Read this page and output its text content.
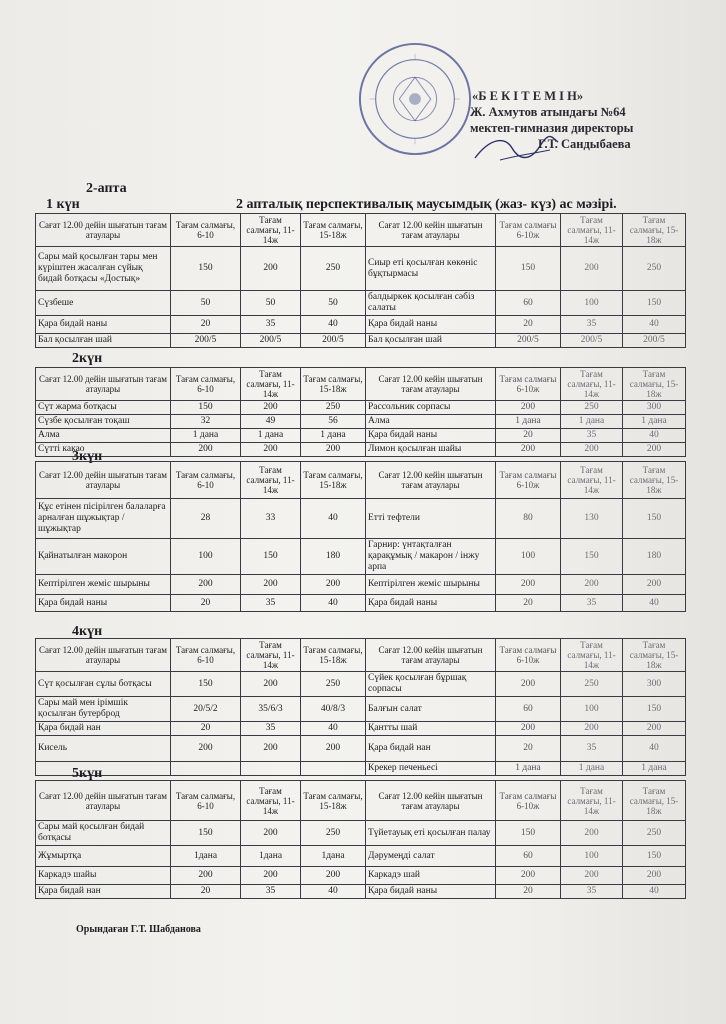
«Б Е К І Т Е М І Н»
Ж. Ахмутов атындағы №64
мектеп-гимназия директоры
Г.Т. Сандыбаева
2-апта
2 апталық перспективалық маусымдық (жаз- күз) ас мәзірі.
1 күн
Сағат 12.00 дейін шығатын тағам атаулары	Тағам салмағы, 6-10	Тағам салмағы, 11-14ж	Тағам салмағы, 15-18ж	Сағат 12.00 кейін шығатын тағам атаулары	Тағам салмағы 6-10ж	Тағам салмағы, 11-14ж	Тағам салмағы, 15-18ж
Сары май қосылған тары мен күріштен жасалған сүйық бидай ботқасы «Достық»	150	200	250	Сиыр еті қосылған көкөніс бұқтырмасы	150	200	250
Сүзбеше	50	50	50	балдыркөк қосылған сәбіз салаты	60	100	150
Қара бидай наны	20	35	40	Қара бидай наны	20	35	40
Бал қосылған шай	200/5	200/5	200/5	Бал қосылған шай	200/5	200/5	200/5
2күн
Сағат 12.00 дейін шығатын тағам атаулары	Тағам салмағы, 6-10	Тағам салмағы, 11-14ж	Тағам салмағы, 15-18ж	Сағат 12.00 кейін шығатын тағам атаулары	Тағам салмағы 6-10ж	Тағам салмағы, 11-14ж	Тағам салмағы, 15-18ж
Сүт жарма ботқасы	150	200	250	Рассольник сорпасы	200	250	300
Сүзбе қосылған тоқаш	32	49	56	Алма	1 дана	1 дана	1 дана
Алма	1 дана	1 дана	1 дана	Қара бидай наны	20	35	40
Сүтті какао	200	200	200	Лимон қосылған шайы	200	200	200
3күн
Сағат 12.00 дейін шығатын тағам атаулары	Тағам салмағы, 6-10	Тағам салмағы, 11-14ж	Тағам салмағы, 15-18ж	Сағат 12.00 кейін шығатын тағам атаулары	Тағам салмағы 6-10ж	Тағам салмағы, 11-14ж	Тағам салмағы, 15-18ж
Құс етінен пісірілген балаларға арналған шұжықтар / шұжықтар	28	33	40	Етті тефтели	80	130	150
Қайнатылған макорон	100	150	180	Гарнир: үнтақталған қарақұмық / макарон / інжу арпа	100	150	180
Кептірілген жеміс шырыны	200	200	200	Кептірілген жеміс шырыны	200	200	200
Қара бидай наны	20	35	40	Қара бидай наны	20	35	40
4күн
Сағат 12.00 дейін шығатын тағам атаулары	Тағам салмағы, 6-10	Тағам салмағы, 11-14ж	Тағам салмағы, 15-18ж	Сағат 12.00 кейін шығатын тағам атаулары	Тағам салмағы 6-10ж	Тағам салмағы, 11-14ж	Тағам салмағы, 15-18ж
Сүт қосылған сұлы ботқасы	150	200	250	Сүйек қосылған бұршақ сорпасы	200	250	300
Сары май мен ірімшік қосылған бутерброд	20/5/2	35/6/3	40/8/3	Балғын салат	60	100	150
Қара бидай нан	20	35	40	Қантты шай	200	200	200
Кисель	200	200	200	Қара бидай нан	20	35	40
				Крекер печеньесі	1 дана	1 дана	1 дана
5күн
Сағат 12.00 дейін шығатын тағам атаулары	Тағам салмағы, 6-10	Тағам салмағы, 11-14ж	Тағам салмағы, 15-18ж	Сағат 12.00 кейін шығатын тағам атаулары	Тағам салмағы 6-10ж	Тағам салмағы, 11-14ж	Тағам салмағы, 15-18ж
Сары май қосылған бидай ботқасы	150	200	250	Түйетауық еті қосылған палау	150	200	250
Жұмыртқа	1дана	1дана	1дана	Дәрумеңді салат	60	100	150
Каркадэ шайы	200	200	200	Каркадэ шай	200	200	200
Қара бидай нан	20	35	40	Қара бидай наны	20	35	40
Орындаған Г.Т. Шабданова
